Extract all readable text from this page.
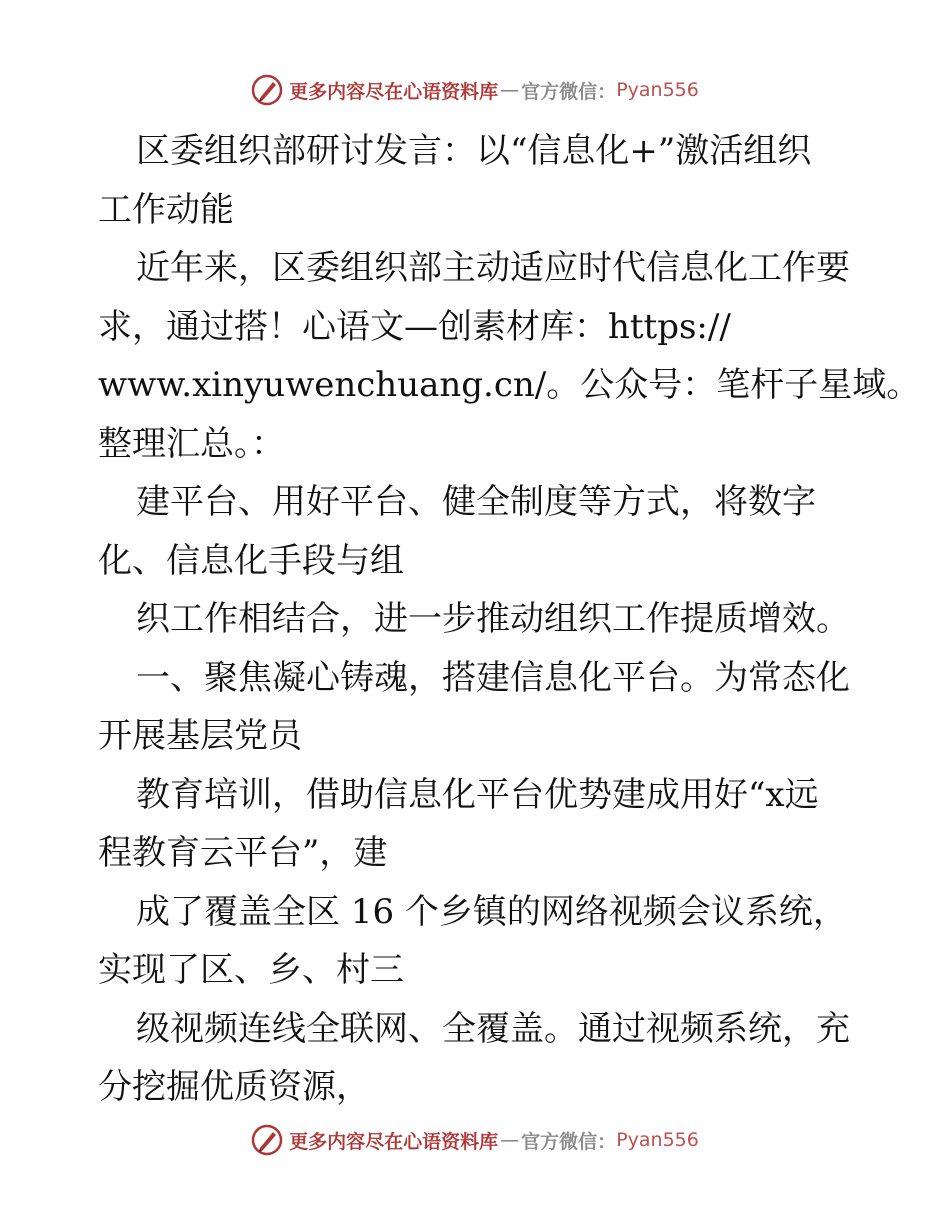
更多内容尽在心语资料库 — 官方微信： Pyan556
区委组织部研讨发言：以“信息化+”激活组织
工作动能
近年来，区委组织部主动适应时代信息化工作要
求，通过搭！心语文—创素材库：https://
www.xinyuwenchuang.cn/。公众号：笔杆子星域。
整理汇总。：
建平台、用好平台、健全制度等方式，将数字
化、信息化手段与组
织工作相结合，进一步推动组织工作提质增效。
一、聚焦凝心铸魂，搭建信息化平台。为常态化
开展基层党员
教育培训，借助信息化平台优势建成用好“x远
程教育云平台”，建
成了覆盖全区 16 个乡镇的网络视频会议系统，
实现了区、乡、村三
级视频连线全联网、全覆盖。通过视频系统，充
分挖掘优质资源，
更多内容尽在心语资料库 — 官方微信： Pyan556
